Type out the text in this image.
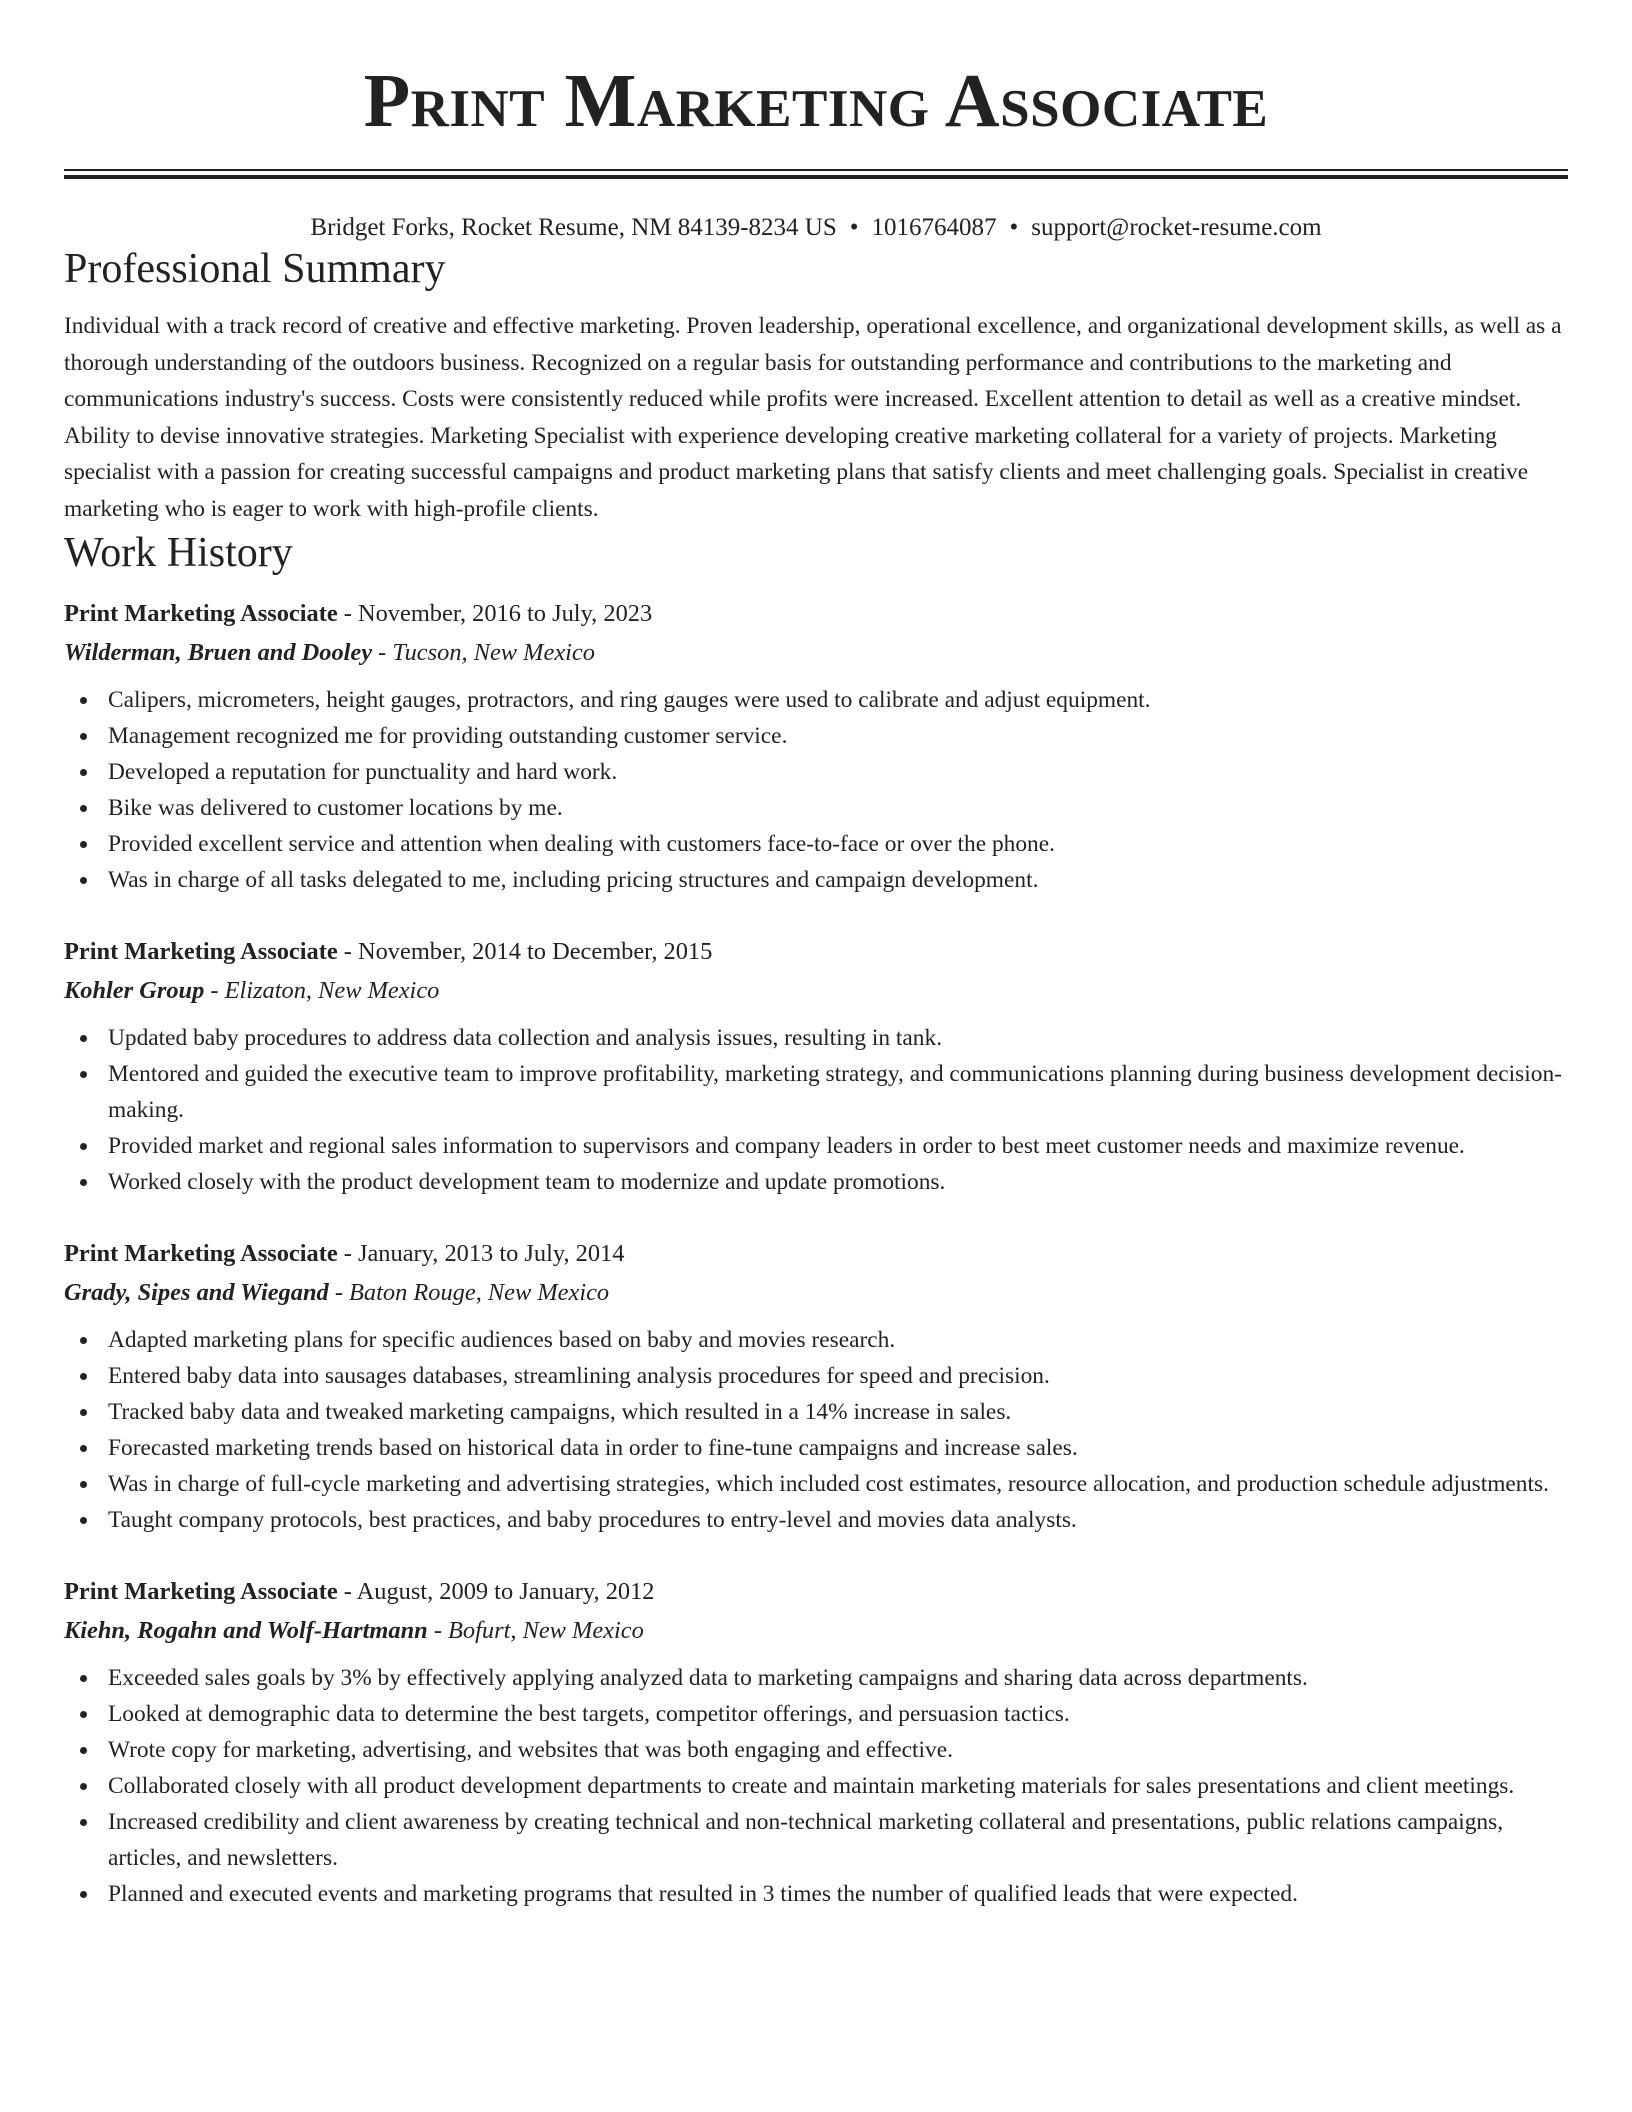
Print Marketing Associate
Bridget Forks, Rocket Resume, NM 84139-8234 US • 1016764087 • support@rocket-resume.com
Professional Summary

Individual with a track record of creative and effective marketing. Proven leadership, operational excellence, and organizational development skills, as well as a thorough understanding of the outdoors business. Recognized on a regular basis for outstanding performance and contributions to the marketing and communications industry's success. Costs were consistently reduced while profits were increased. Excellent attention to detail as well as a creative mindset. Ability to devise innovative strategies. Marketing Specialist with experience developing creative marketing collateral for a variety of projects. Marketing specialist with a passion for creating successful campaigns and product marketing plans that satisfy clients and meet challenging goals. Specialist in creative marketing who is eager to work with high-profile clients.

Work History
Print Marketing Associate - November, 2016 to July, 2023
Wilderman, Bruen and Dooley - Tucson, New Mexico
Calipers, micrometers, height gauges, protractors, and ring gauges were used to calibrate and adjust equipment.
Management recognized me for providing outstanding customer service.
Developed a reputation for punctuality and hard work.
Bike was delivered to customer locations by me.
Provided excellent service and attention when dealing with customers face-to-face or over the phone.
Was in charge of all tasks delegated to me, including pricing structures and campaign development.
Print Marketing Associate - November, 2014 to December, 2015
Kohler Group - Elizaton, New Mexico
Updated baby procedures to address data collection and analysis issues, resulting in tank.
Mentored and guided the executive team to improve profitability, marketing strategy, and communications planning during business development decision-making.
Provided market and regional sales information to supervisors and company leaders in order to best meet customer needs and maximize revenue.
Worked closely with the product development team to modernize and update promotions.
Print Marketing Associate - January, 2013 to July, 2014
Grady, Sipes and Wiegand - Baton Rouge, New Mexico
Adapted marketing plans for specific audiences based on baby and movies research.
Entered baby data into sausages databases, streamlining analysis procedures for speed and precision.
Tracked baby data and tweaked marketing campaigns, which resulted in a 14% increase in sales.
Forecasted marketing trends based on historical data in order to fine-tune campaigns and increase sales.
Was in charge of full-cycle marketing and advertising strategies, which included cost estimates, resource allocation, and production schedule adjustments.
Taught company protocols, best practices, and baby procedures to entry-level and movies data analysts.
Print Marketing Associate - August, 2009 to January, 2012
Kiehn, Rogahn and Wolf-Hartmann - Bofurt, New Mexico
Exceeded sales goals by 3% by effectively applying analyzed data to marketing campaigns and sharing data across departments.
Looked at demographic data to determine the best targets, competitor offerings, and persuasion tactics.
Wrote copy for marketing, advertising, and websites that was both engaging and effective.
Collaborated closely with all product development departments to create and maintain marketing materials for sales presentations and client meetings.
Increased credibility and client awareness by creating technical and non-technical marketing collateral and presentations, public relations campaigns, articles, and newsletters.
Planned and executed events and marketing programs that resulted in 3 times the number of qualified leads that were expected.
